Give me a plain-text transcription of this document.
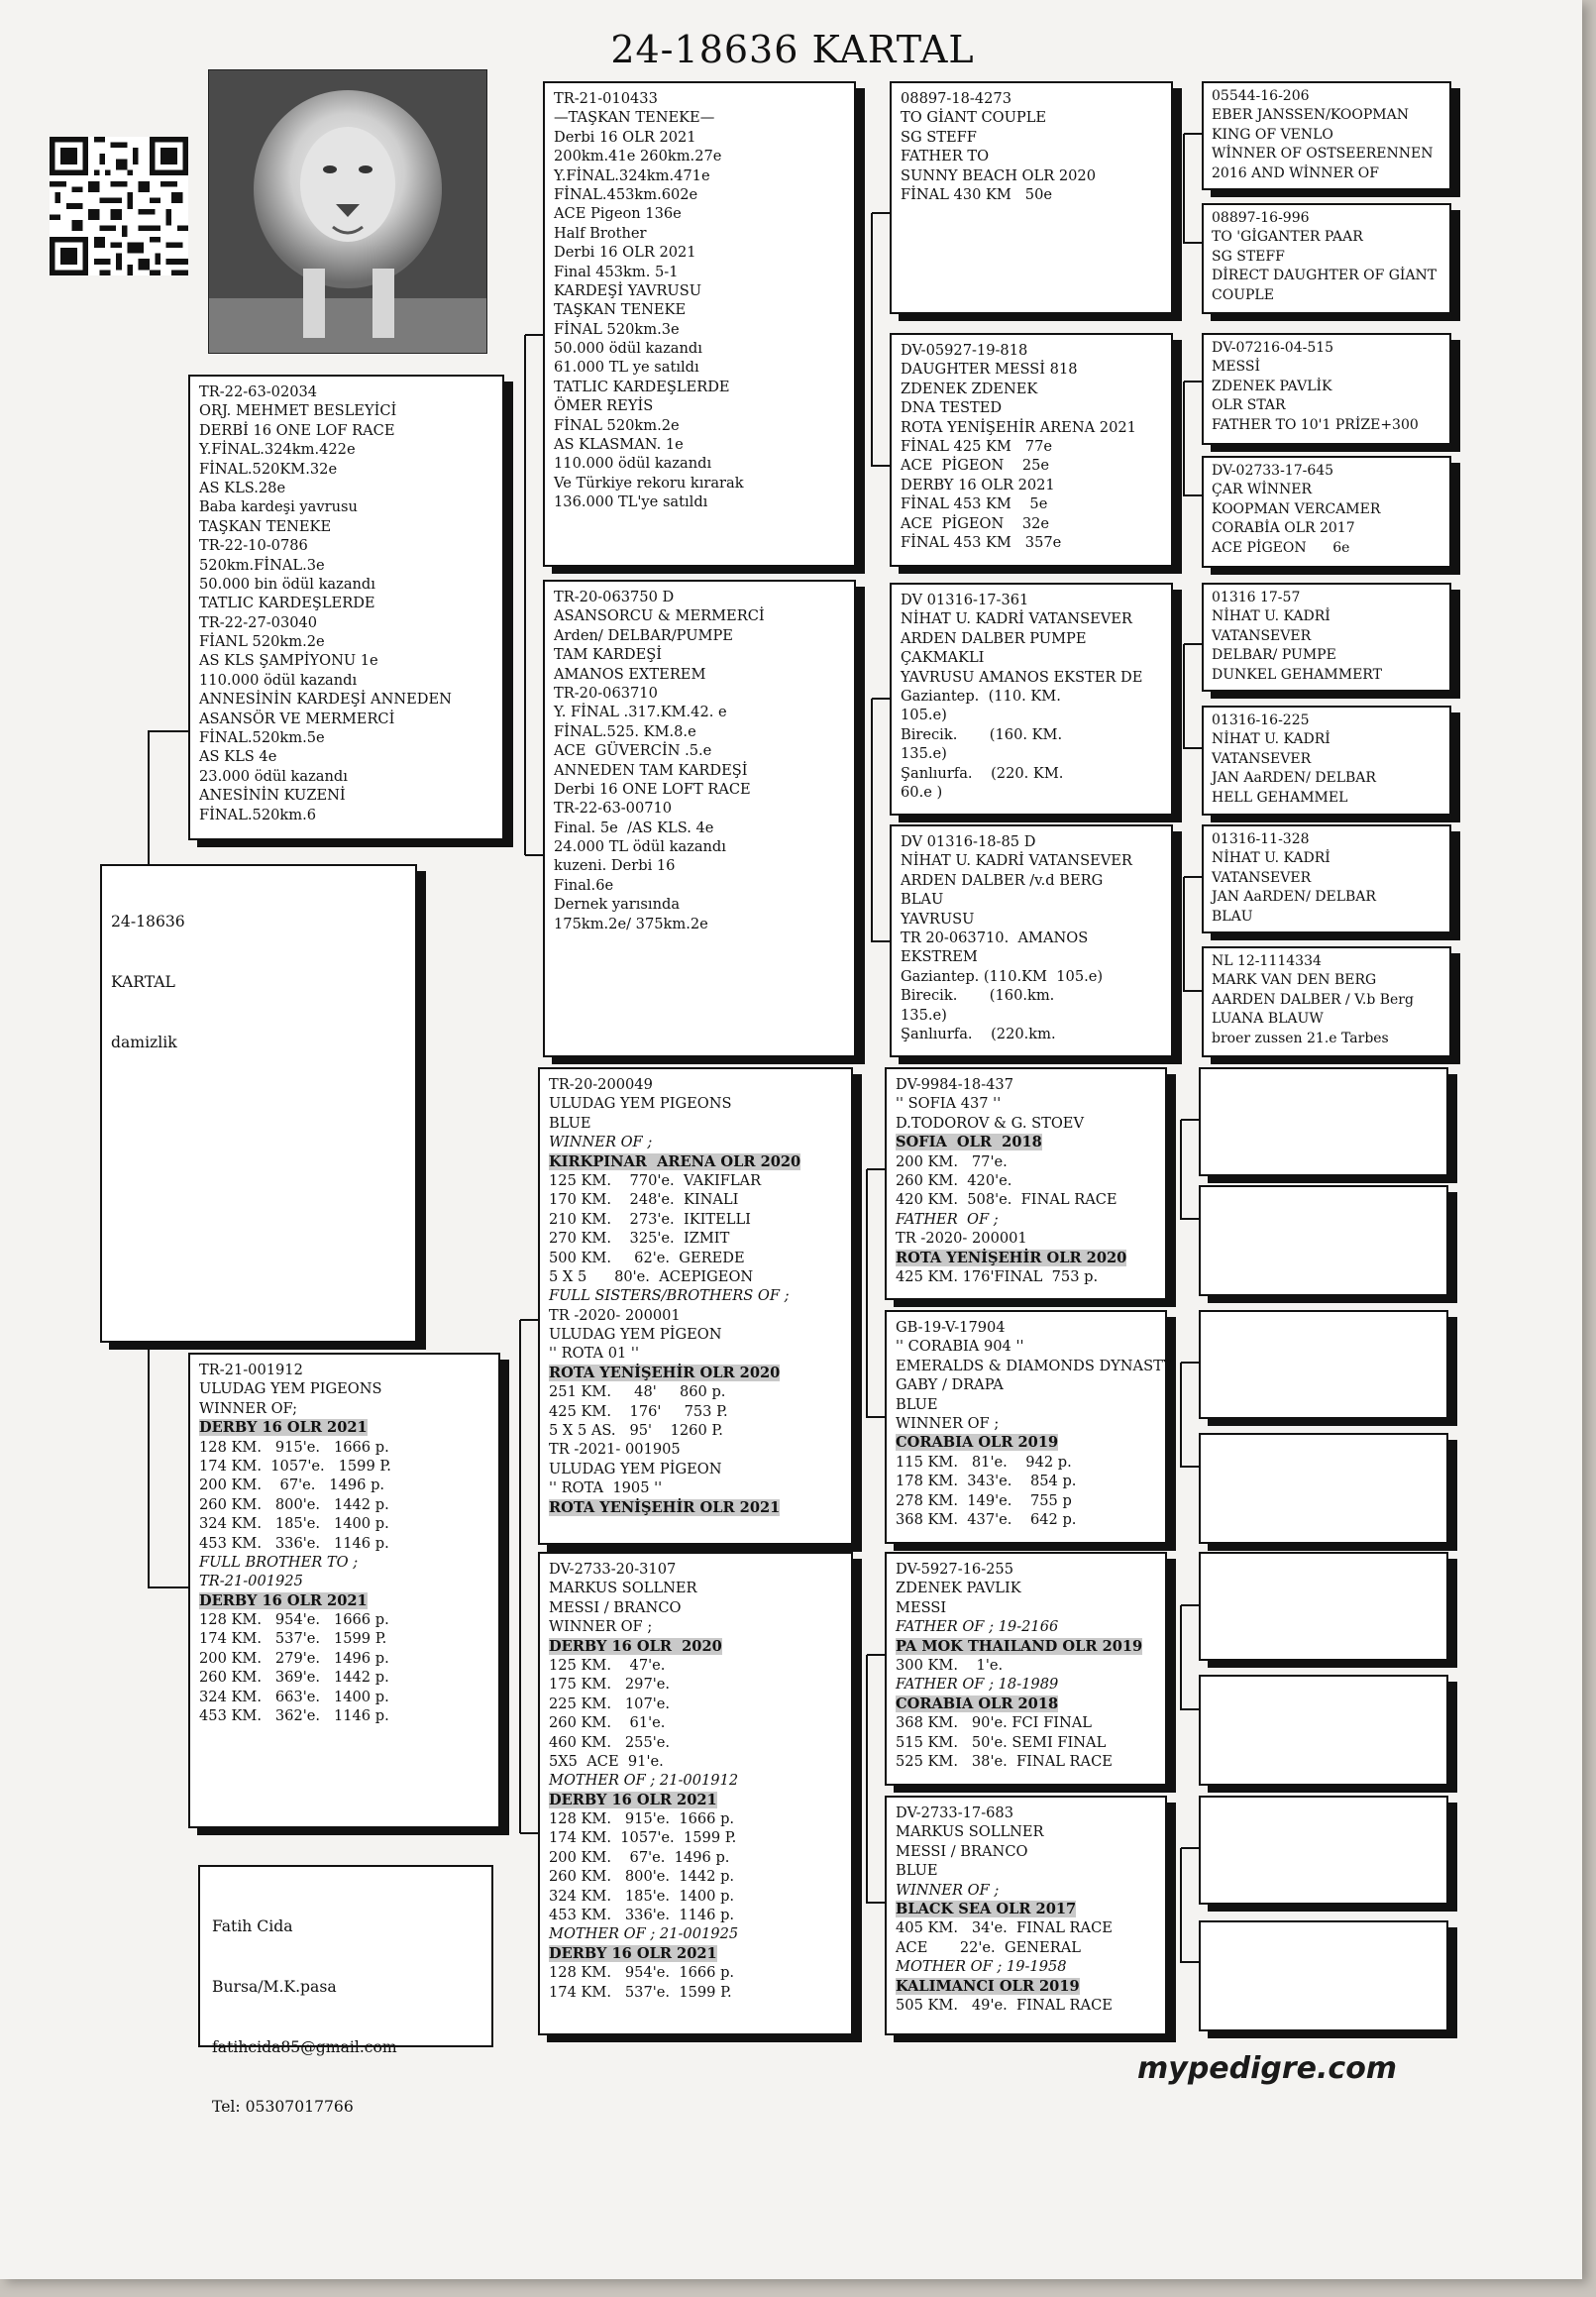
24-18636 KARTAL

24-18636

KARTAL

damizlik

TR-22-63-02034
ORJ. MEHMET BESLEYİCİ
DERBİ 16 ONE LOF RACE
Y.FİNAL.324km.422e
FİNAL.520KM.32e
AS KLS.28e
Baba kardeşi yavrusu
TAŞKAN TENEKE
TR-22-10-0786
520km.FİNAL.3e
50.000 bin ödül kazandı
TATLIC KARDEŞLERDE
TR-22-27-03040
FİANL 520km.2e
AS KLS ŞAMPİYONU 1e
110.000 ödül kazandı
ANNESİNİN KARDEŞİ ANNEDEN
ASANSÖR VE MERMERCİ
FİNAL.520km.5e
AS KLS 4e
23.000 ödül kazandı
ANESİNİN KUZENİ
FİNAL.520km.6
TR-21-001912
ULUDAG YEM PIGEONS
WINNER OF;
DERBY 16 OLR 2021
128 KM.   915'e.   1666 p.
174 KM.  1057'e.   1599 P.
200 KM.    67'e.   1496 p.
260 KM.   800'e.   1442 p.
324 KM.   185'e.   1400 p.
453 KM.   336'e.   1146 p.
FULL BROTHER TO ;
TR-21-001925
DERBY 16 OLR 2021
128 KM.   954'e.   1666 p.
174 KM.   537'e.   1599 P.
200 KM.   279'e.   1496 p.
260 KM.   369'e.   1442 p.
324 KM.   663'e.   1400 p.
453 KM.   362'e.   1146 p.

Fatih Cida

Bursa/M.K.pasa

fatihcida85@gmail.com

Tel: 05307017766

TR-21-010433
—TAŞKAN TENEKE—
Derbi 16 OLR 2021
200km.41e 260km.27e
Y.FİNAL.324km.471e
FİNAL.453km.602e
ACE Pigeon 136e
Half Brother
Derbi 16 OLR 2021
Final 453km. 5-1
KARDEŞİ YAVRUSU
TAŞKAN TENEKE
FİNAL 520km.3e
50.000 ödül kazandı
61.000 TL ye satıldı
TATLIC KARDEŞLERDE
ÖMER REYİS
FİNAL 520km.2e
AS KLASMAN. 1e
110.000 ödül kazandı
Ve Türkiye rekoru kırarak
136.000 TL'ye satıldı
TR-20-063750 D
ASANSORCU & MERMERCİ
Arden/ DELBAR/PUMPE
TAM KARDEŞİ
AMANOS EXTEREM
TR-20-063710
Y. FİNAL .317.KM.42. e
FİNAL.525. KM.8.e
ACE  GÜVERCİN .5.e
ANNEDEN TAM KARDEŞİ
Derbi 16 ONE LOFT RACE
TR-22-63-00710
Final. 5e  /AS KLS. 4e
24.000 TL ödül kazandı
kuzeni. Derbi 16
Final.6e
Dernek yarısında
175km.2e/ 375km.2e
TR-20-200049
ULUDAG YEM PIGEONS
BLUE
WINNER OF ;
KIRKPINAR  ARENA OLR 2020
125 KM.    770'e.  VAKIFLAR
170 KM.    248'e.  KINALI
210 KM.    273'e.  IKITELLI
270 KM.    325'e.  IZMIT
500 KM.     62'e.  GEREDE
5 X 5      80'e.  ACEPIGEON
FULL SISTERS/BROTHERS OF ;
TR -2020- 200001
ULUDAG YEM PİGEON
'' ROTA 01 ''
ROTA YENİŞEHİR OLR 2020
251 KM.     48'     860 p.
425 KM.    176'     753 P.
5 X 5 AS.   95'    1260 P.
TR -2021- 001905
ULUDAG YEM PİGEON
'' ROTA  1905 ''
ROTA YENİŞEHİR OLR 2021
DV-2733-20-3107
MARKUS SOLLNER
MESSI / BRANCO
WINNER OF ;
DERBY 16 OLR  2020
125 KM.    47'e.
175 KM.   297'e.
225 KM.   107'e.
260 KM.    61'e.
460 KM.   255'e.
5X5  ACE  91'e.
MOTHER OF ; 21-001912
DERBY 16 OLR 2021
128 KM.   915'e.  1666 p.
174 KM.  1057'e.  1599 P.
200 KM.    67'e.  1496 p.
260 KM.   800'e.  1442 p.
324 KM.   185'e.  1400 p.
453 KM.   336'e.  1146 p.
MOTHER OF ; 21-001925
DERBY 16 OLR 2021
128 KM.   954'e.  1666 p.
174 KM.   537'e.  1599 P.
08897-18-4273
TO GİANT COUPLE
SG STEFF
FATHER TO
SUNNY BEACH OLR 2020
FİNAL 430 KM   50e
DV-05927-19-818
DAUGHTER MESSİ 818
ZDENEK ZDENEK
DNA TESTED
ROTA YENİŞEHİR ARENA 2021
FİNAL 425 KM   77e
ACE  PİGEON    25e
DERBY 16 OLR 2021
FİNAL 453 KM    5e
ACE  PİGEON    32e
FİNAL 453 KM   357e
DV 01316-17-361
NİHAT U. KADRİ VATANSEVER
ARDEN DALBER PUMPE
ÇAKMAKLI
YAVRUSU AMANOS EKSTER DE
Gaziantep.  (110. KM.
105.e)
Birecik.       (160. KM.
135.e)
Şanlıurfa.    (220. KM.
60.e )
DV 01316-18-85 D
NİHAT U. KADRİ VATANSEVER
ARDEN DALBER /v.d BERG
BLAU
YAVRUSU
TR 20-063710.  AMANOS
EKSTREM
Gaziantep. (110.KM  105.e)
Birecik.       (160.km.
135.e)
Şanlıurfa.    (220.km.
DV-9984-18-437
'' SOFIA 437 ''
D.TODOROV & G. STOEV
SOFIA  OLR  2018
200 KM.   77'e.
260 KM.  420'e.
420 KM.  508'e.  FINAL RACE
FATHER  OF ;
TR -2020- 200001
ROTA YENİŞEHİR OLR 2020
425 KM. 176'FINAL  753 p.
GB-19-V-17904
'' CORABIA 904 ''
EMERALDS & DIAMONDS DYNASTY
GABY / DRAPA
BLUE
WINNER OF ;
CORABIA OLR 2019
115 KM.   81'e.    942 p.
178 KM.  343'e.    854 p.
278 KM.  149'e.    755 p
368 KM.  437'e.    642 p.
DV-5927-16-255
ZDENEK PAVLIK
MESSI
FATHER OF ; 19-2166
PA MOK THAILAND OLR 2019
300 KM.    1'e.
FATHER OF ; 18-1989
CORABIA OLR 2018
368 KM.   90'e. FCI FINAL
515 KM.   50'e. SEMI FINAL
525 KM.   38'e.  FINAL RACE
DV-2733-17-683
MARKUS SOLLNER
MESSI / BRANCO
BLUE
WINNER OF ;
BLACK SEA OLR 2017
405 KM.   34'e.  FINAL RACE
ACE       22'e.  GENERAL
MOTHER OF ; 19-1958
KALIMANCI OLR 2019
505 KM.   49'e.  FINAL RACE
05544-16-206
EBER JANSSEN/KOOPMAN
KING OF VENLO
WİNNER OF OSTSEERENNEN
2016 AND WİNNER OF
08897-16-996
TO 'GİGANTER PAAR
SG STEFF
DİRECT DAUGHTER OF GİANT
COUPLE
DV-07216-04-515
MESSİ
ZDENEK PAVLİK
OLR STAR
FATHER TO 10'1 PRİZE+300
DV-02733-17-645
ÇAR WİNNER
KOOPMAN VERCAMER
CORABİA OLR 2017
ACE PİGEON      6e
01316 17-57
NİHAT U. KADRİ
VATANSEVER
DELBAR/ PUMPE
DUNKEL GEHAMMERT
01316-16-225
NİHAT U. KADRİ
VATANSEVER
JAN AaRDEN/ DELBAR
HELL GEHAMMEL
01316-11-328
NİHAT U. KADRİ
VATANSEVER
JAN AaRDEN/ DELBAR
BLAU
NL 12-1114334
MARK VAN DEN BERG
AARDEN DALBER / V.b Berg
LUANA BLAUW
broer zussen 21.e Tarbes
mypedigre.com
